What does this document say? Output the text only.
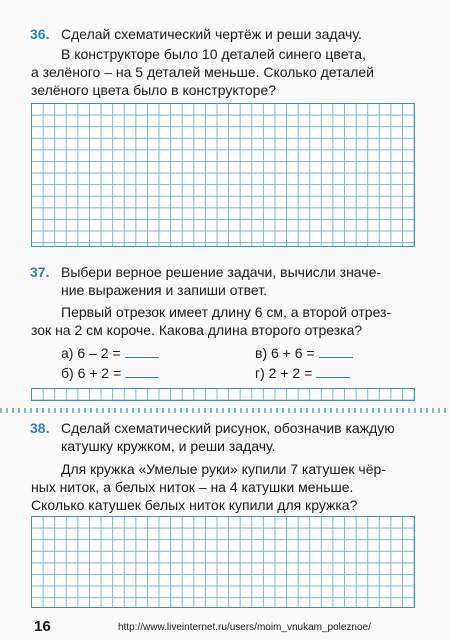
36. Сделай схематический чертёж и реши задачу.
В конструкторе было 10 деталей синего цвета,
а зелёного – на 5 деталей меньше. Сколько деталей
зелёного цвета было в конструкторе?
37. Выбери верное решение задачи, вычисли значе-
ние выражения и запиши ответ.
Первый отрезок имеет длину 6 см, а второй отрез-
зок на 2 см короче. Какова длина второго отрезка?
а) 6 – 2 =	в) 6 + 6 =
б) 6 + 2 =	г) 2 + 2 =
38. Сделай схематический рисунок, обозначив каждую
катушку кружком, и реши задачу.
Для кружка «Умелые руки» купили 7 катушек чёр-
ных ниток, а белых ниток – на 4 катушки меньше.
Сколько катушек белых ниток купили для кружка?
16	http://www.liveinternet.ru/users/moim_vnukam_poleznoe/
